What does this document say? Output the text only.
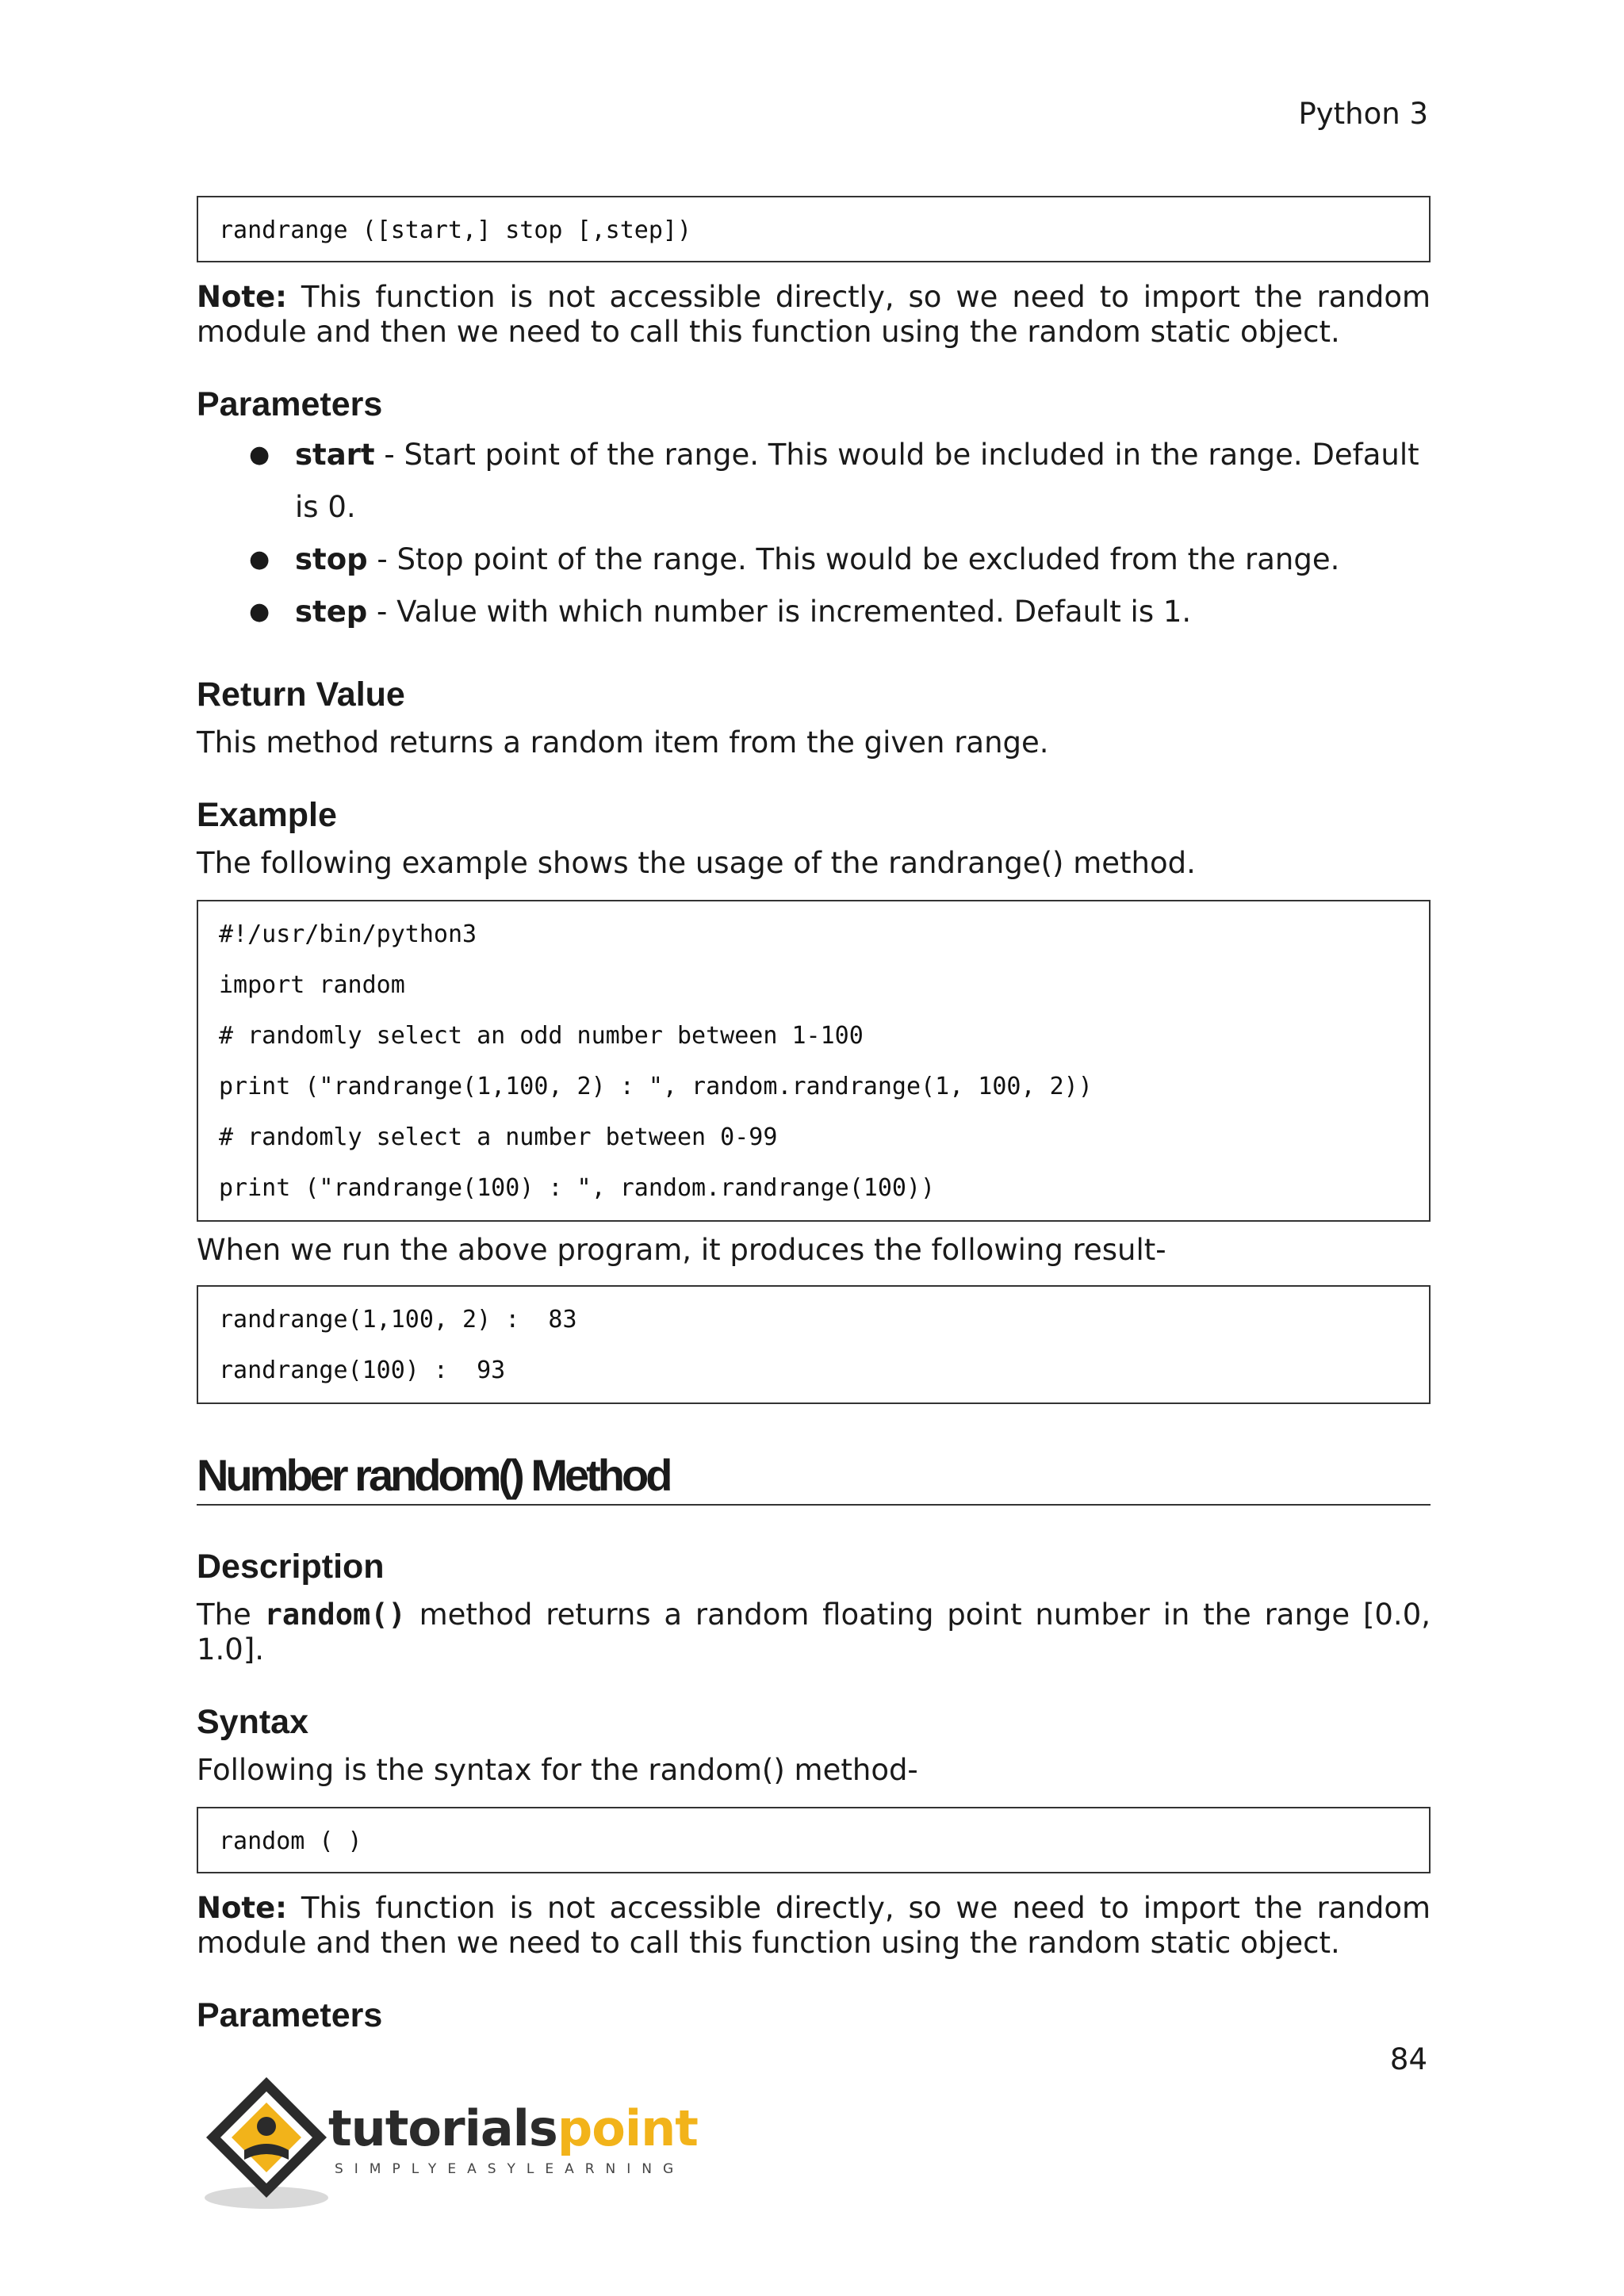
Python 3
randrange ([start,] stop [,step])

Note: This function is not accessible directly, so we need to import the random module and then we need to call this function using the random static object.

Parameters
● start - Start point of the range. This would be included in the range. Default is 0.
● stop - Stop point of the range. This would be excluded from the range.
● step - Value with which number is incremented. Default is 1.
Return Value

This method returns a random item from the given range.

Example

The following example shows the usage of the randrange() method.

#!/usr/bin/python3
import random
# randomly select an odd number between 1-100
print ("randrange(1,100, 2) : ", random.randrange(1, 100, 2))
# randomly select a number between 0-99
print ("randrange(100) : ", random.randrange(100))

When we run the above program, it produces the following result-

randrange(1,100, 2) :  83
randrange(100) :  93
Number random() Method
Description

The random() method returns a random floating point number in the range [0.0, 1.0].

Syntax

Following is the syntax for the random() method-

random ( )

Note: This function is not accessible directly, so we need to import the random module and then we need to call this function using the random static object.

Parameters
84
tutorialspoint
SIMPLYEASYLEARNING
